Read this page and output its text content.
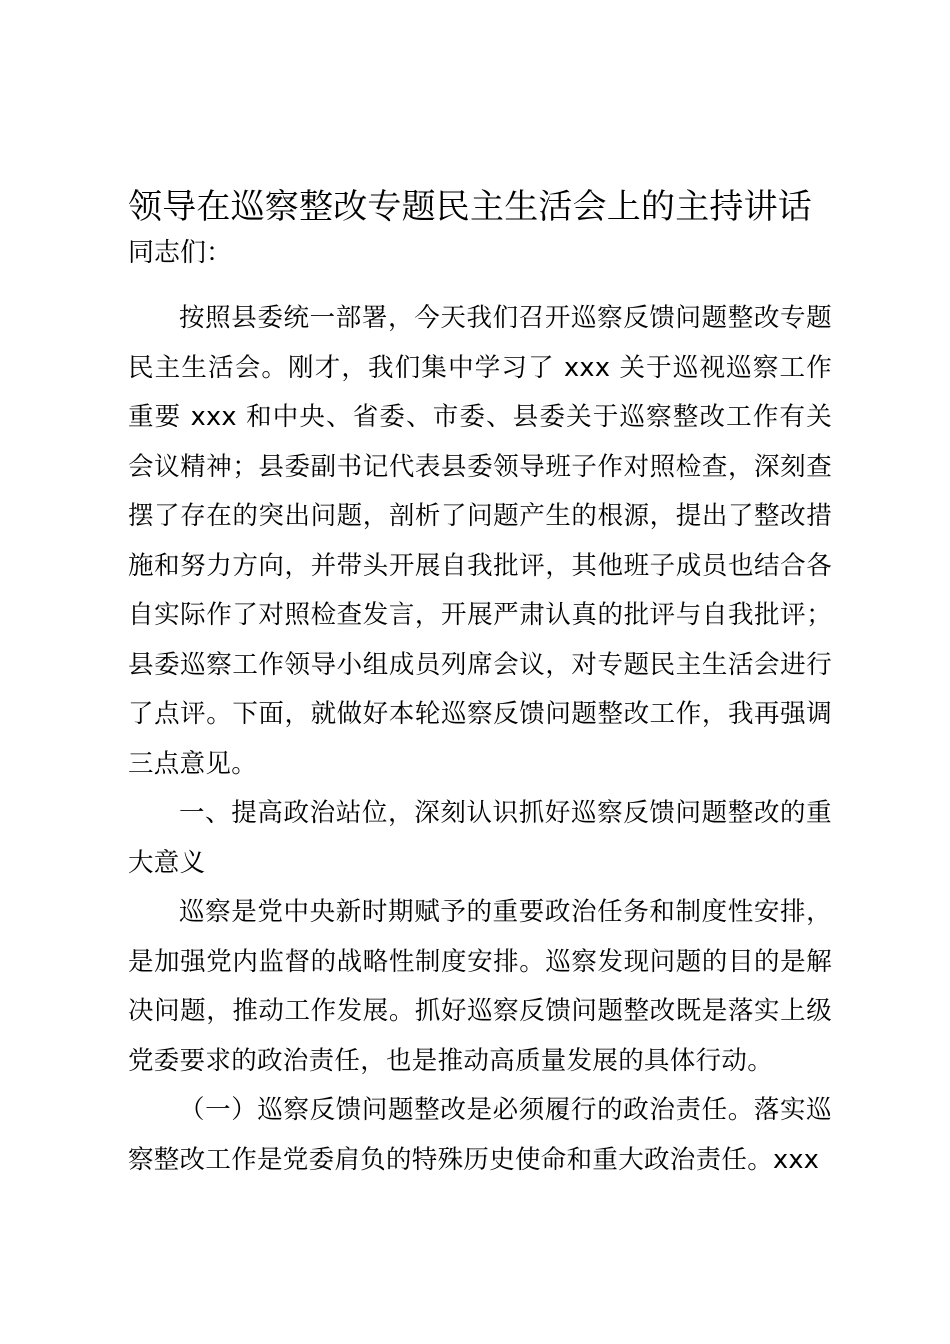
领导在巡察整改专题民主生活会上的主持讲话

同志们：

按照县委统一部署，今天我们召开巡察反馈问题整改专题民主生活会。刚才，我们集中学习了 xxx 关于巡视巡察工作重要 xxx 和中央、省委、市委、县委关于巡察整改工作有关会议精神；县委副书记代表县委领导班子作对照检查，深刻查摆了存在的突出问题，剖析了问题产生的根源，提出了整改措施和努力方向，并带头开展自我批评，其他班子成员也结合各自实际作了对照检查发言，开展严肃认真的批评与自我批评；县委巡察工作领导小组成员列席会议，对专题民主生活会进行了点评。下面，就做好本轮巡察反馈问题整改工作，我再强调三点意见。

一、提高政治站位，深刻认识抓好巡察反馈问题整改的重大意义

巡察是党中央新时期赋予的重要政治任务和制度性安排，是加强党内监督的战略性制度安排。巡察发现问题的目的是解决问题，推动工作发展。抓好巡察反馈问题整改既是落实上级党委要求的政治责任，也是推动高质量发展的具体行动。

（一）巡察反馈问题整改是必须履行的政治责任。落实巡察整改工作是党委肩负的特殊历史使命和重大政治责任。xxx
